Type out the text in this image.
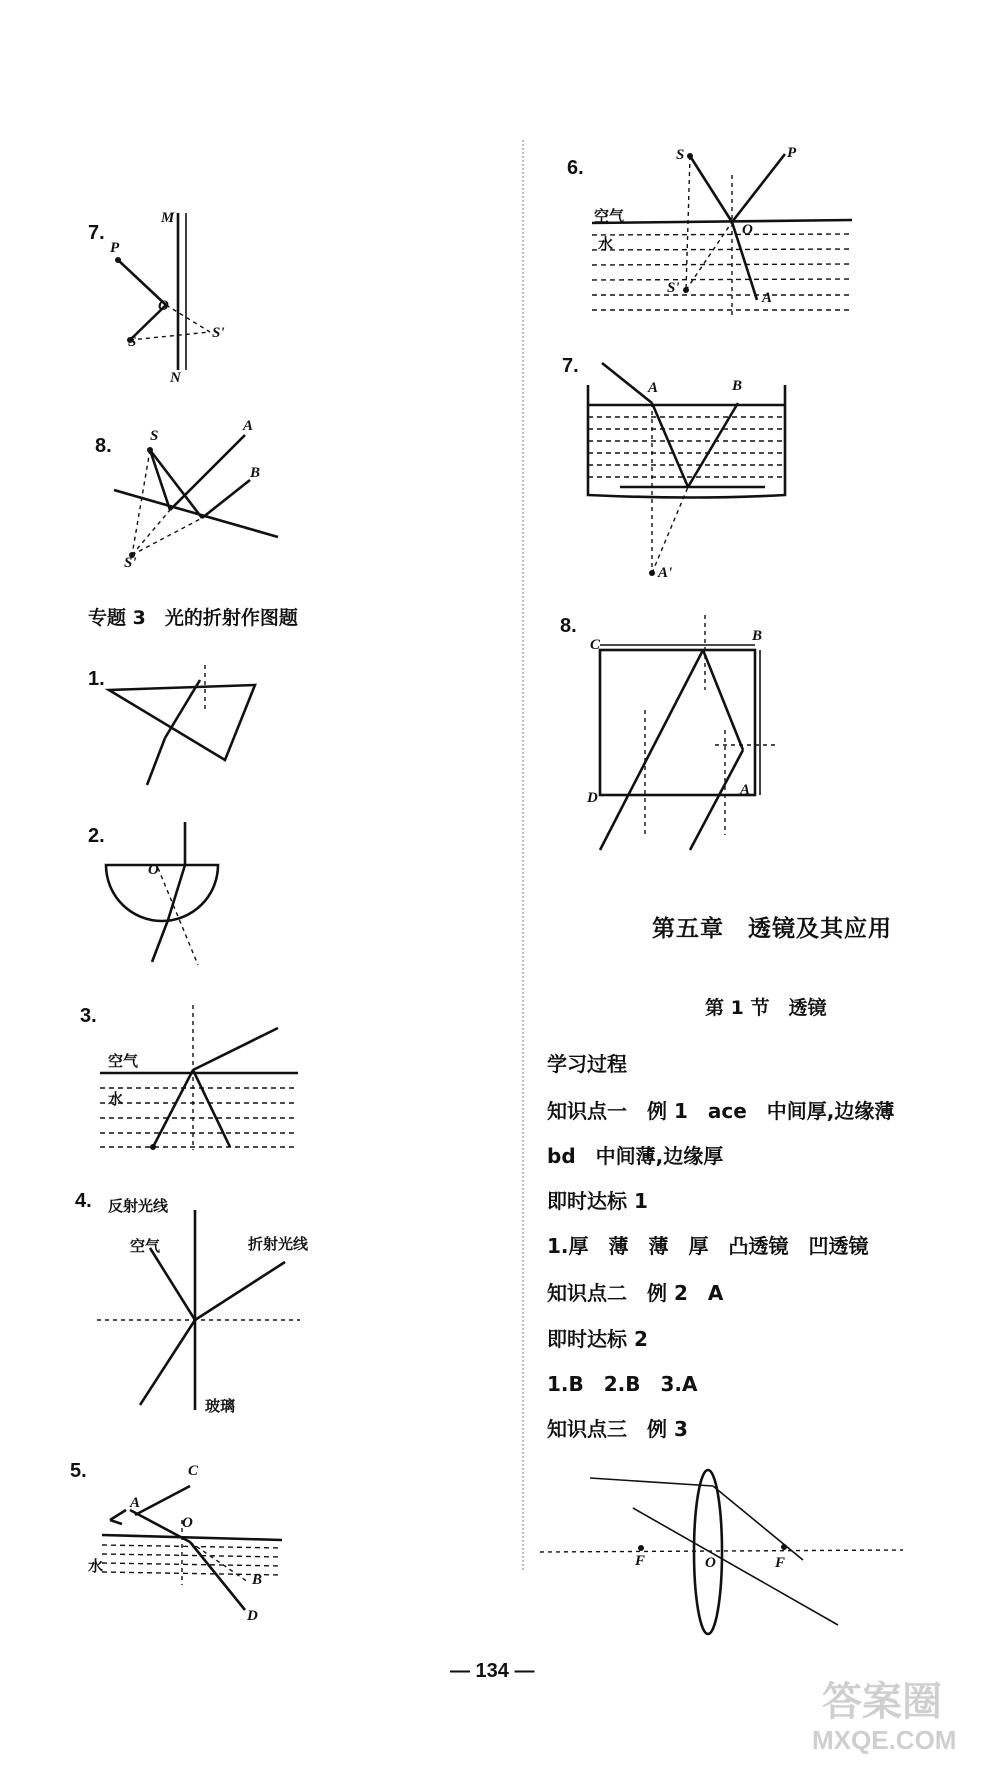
7.
M
P
O
S
S'
N
8.	S
A
B
S'
专题 3　光的折射作图题
1.
2.
O
3.
空气
水
4. 反射光线
空气	折射光线
玻璃
5.	C
A
O
B
D
水
6.
S	P
O
S'
A
空气
水
7.
A	B
A'
8.
C
B
D	A
第五章　透镜及其应用
第 1 节　透镜
学习过程
知识点一　例 1　ace　中间厚,边缘薄
bd　中间薄,边缘厚
即时达标 1
1.厚　薄　薄　厚　凸透镜　凹透镜
知识点二　例 2　A
即时达标 2
1.B　2.B　3.A
知识点三　例 3
F	O	F
— 134 —
答案圈
MXQE.COM
